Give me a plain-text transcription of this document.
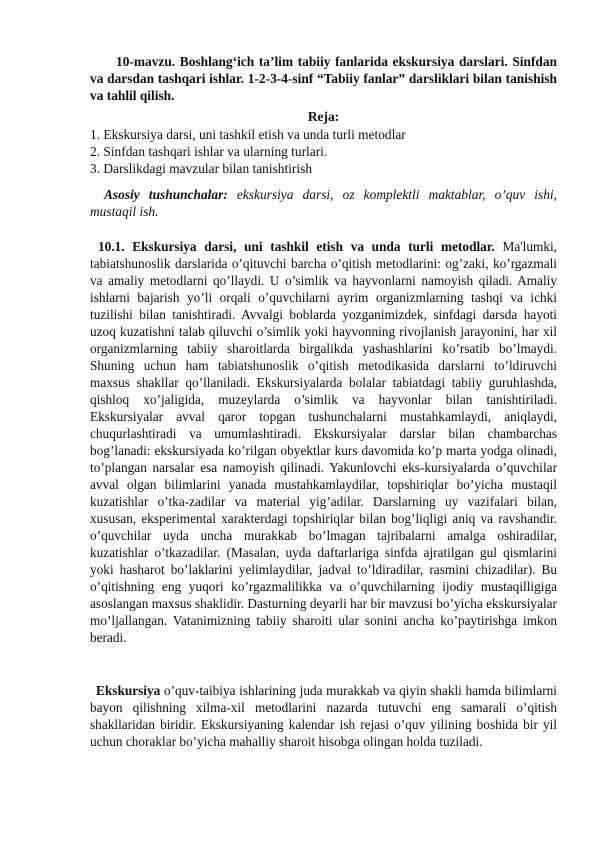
10-mavzu. Boshlang‘ich ta’lim tabiiy fanlarida ekskursiya darslari. Sinfdan va darsdan tashqari ishlar. 1-2-3-4-sinf “Tabiiy fanlar” darsliklari bilan tanishish va tahlil qilish.
Reja:
1. Ekskursiya darsi, uni tashkil etish va unda turli metodlar
2. Sinfdan tashqari ishlar va ularning turlari.
3. Darslikdagi mavzular bilan tanishtirish
Asosiy tushunchalar: ekskursiya darsi, oz komplektli maktablar, o’quv ishi, mustaqil ish.
10.1. Ekskursiya darsi, uni tashkil etish va unda turli metodlar. Ma'lumki, tabiatshunoslik darslarida o’qituvchi barcha o’qitish metodlarini: og’zaki, ko’rgazmali va amaliy metodlarni qo’llaydi. U o’simlik va hayvonlarni namoyish qiladi. Amaliy ishlarni bajarish yo’li orqali o’quvchilarni ayrim organizmlarning tashqi va ichki tuzilishi bilan tanishtiradi. Avvalgi boblarda yozganimizdek, sinfdagi darsda hayoti uzoq kuzatishni talab qiluvchi o’simlik yoki hayvonning rivojlanish jarayonini, har xil organizmlarning tabiiy sharoitlarda birgalikda yashashlarini ko’rsatib bo’lmaydi. Shuning uchun ham tabiatshunoslik o’qitish metodikasida darslarni to’ldiruvchi maxsus shakllar qo’llaniladi. Ekskursiyalarda bolalar tabiatdagi tabiiy guruhlashda, qishloq xo’jaligida, muzeylarda o’simlik va hayvonlar bilan tanishtiriladi. Ekskursiyalar avval qaror topgan tushunchalarni mustahkamlaydi, aniqlaydi, chuqurlashtiradi va umumlashtiradi. Ekskursiyalar darslar bilan chambarchas bog’lanadi: ekskursiyada ko’rilgan obyektlar kurs davomida ko’p marta yodga olinadi, to’plangan narsalar esa namoyish qilinadi. Yakunlovchi eks-kursiyalarda o’quvchilar avval olgan bilimlarini yanada mustahkamlaydilar, topshiriqlar bo’yicha mustaqil kuzatishlar o’tka-zadilar va material yig’adilar. Darslarning uy vazifalari bilan, xususan, eksperimental xarakterdagi topshiriqlar bilan bog’liqligi aniq va ravshandir. o’quvchilar uyda uncha murakkab bo’lmagan tajribalarni amalga oshiradilar, kuzatishlar o’tkazadilar. (Masalan, uyda daftarlariga sinfda ajratilgan gul qismlarini yoki hasharot bo’laklarini yelimlaydilar, jadval to’ldiradilar, rasmini chizadilar). Bu o’qitishning eng yuqori ko’rgazmalilikka va o’quvchilarning ijodiy mustaqilligiga asoslangan maxsus shaklidir. Dasturning deyarli har bir mavzusi bo’yicha ekskursiyalar mo’ljallangan. Vatanimizning tabiiy sharoiti ular sonini ancha ko’paytirishga imkon beradi.
Ekskursiya o’quv-taibiya ishlarining juda murakkab va qiyin shakli hamda bilimlarni bayon qilishning xilma-xil metodlarini nazarda tutuvchi eng samarali o’qitish shakllaridan biridir. Ekskursiyaning kalendar ish rejasi o’quv yilining boshida bir yil uchun choraklar bo’yicha mahalliy sharoit hisobga olingan holda tuziladi.
